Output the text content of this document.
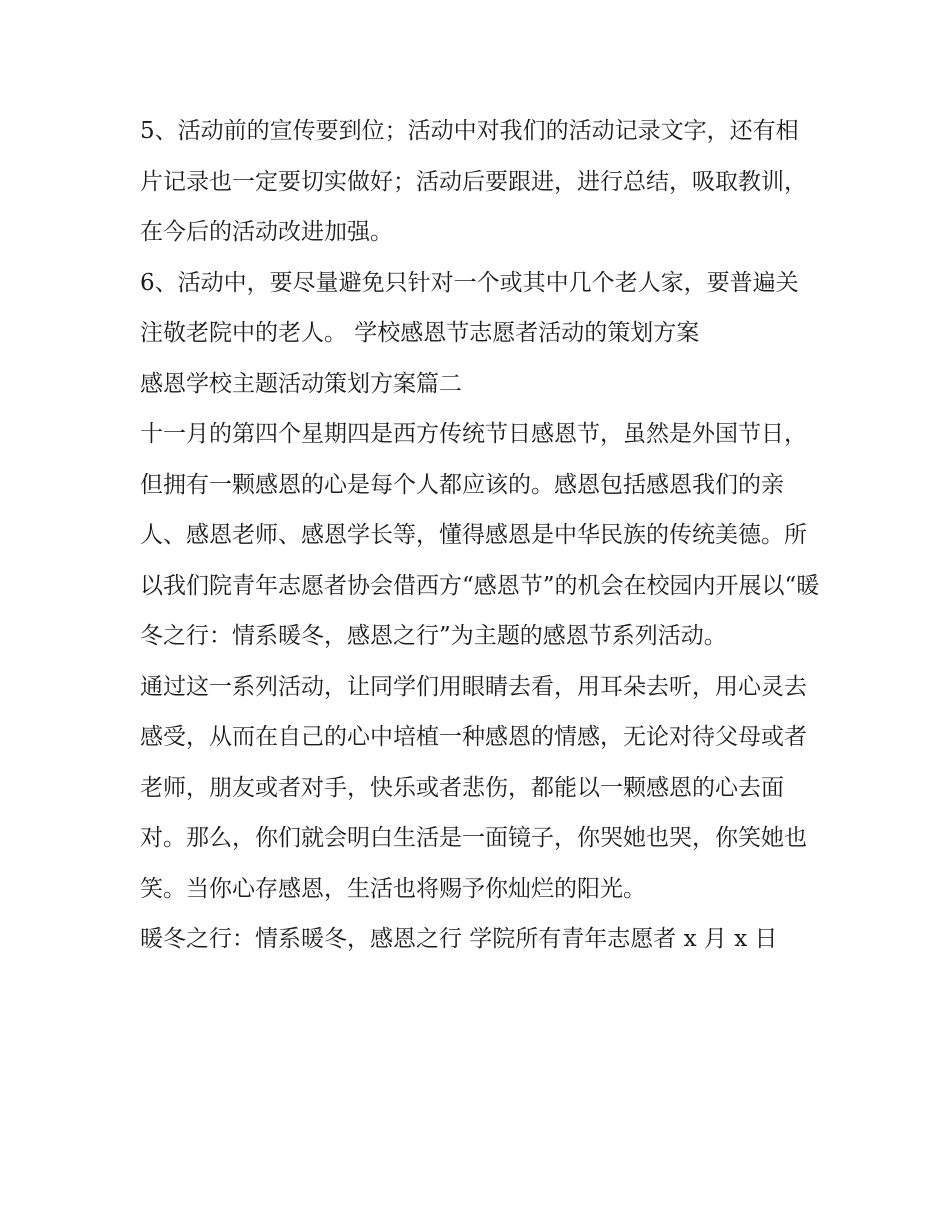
5、活动前的宣传要到位；活动中对我们的活动记录文字，还有相片记录也一定要切实做好；活动后要跟进，进行总结，吸取教训，在今后的活动改进加强。

6、活动中，要尽量避免只针对一个或其中几个老人家，要普遍关注敬老院中的老人。 学校感恩节志愿者活动的策划方案

感恩学校主题活动策划方案篇二

十一月的第四个星期四是西方传统节日感恩节，虽然是外国节日，但拥有一颗感恩的心是每个人都应该的。感恩包括感恩我们的亲人、感恩老师、感恩学长等，懂得感恩是中华民族的传统美德。所以我们院青年志愿者协会借西方“感恩节”的机会在校园内开展以“暖冬之行：情系暖冬，感恩之行”为主题的感恩节系列活动。

通过这一系列活动，让同学们用眼睛去看，用耳朵去听，用心灵去感受，从而在自己的心中培植一种感恩的情感，无论对待父母或者老师，朋友或者对手，快乐或者悲伤，都能以一颗感恩的心去面对。那么，你们就会明白生活是一面镜子，你哭她也哭，你笑她也笑。当你心存感恩，生活也将赐予你灿烂的阳光。

暖冬之行：情系暖冬，感恩之行 学院所有青年志愿者 x 月 x 日
